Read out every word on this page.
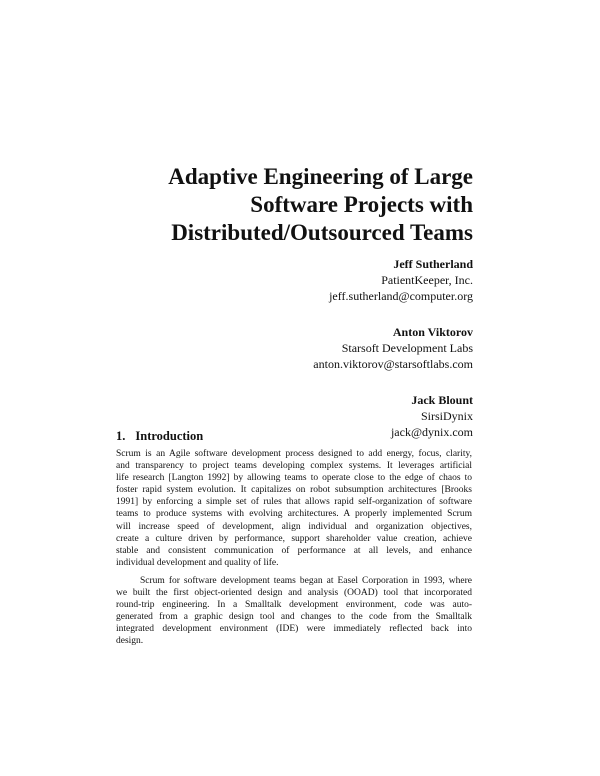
Adaptive Engineering of Large
Software Projects with
Distributed/Outsourced Teams
Jeff Sutherland
PatientKeeper, Inc.
jeff.sutherland@computer.org
Anton Viktorov
Starsoft Development Labs
anton.viktorov@starsoftlabs.com
Jack Blount
SirsiDynix
jack@dynix.com
1. Introduction
Scrum is an Agile software development process designed to add energy, focus, clarity,
and transparency to project teams developing complex systems. It leverages artificial
life research [Langton 1992] by allowing teams to operate close to the edge of chaos to
foster rapid system evolution. It capitalizes on robot subsumption architectures [Brooks
1991] by enforcing a simple set of rules that allows rapid self-organization of software
teams to produce systems with evolving architectures. A properly implemented Scrum
will increase speed of development, align individual and organization objectives,
create a culture driven by performance, support shareholder value creation, achieve
stable and consistent communication of performance at all levels, and enhance
individual development and quality of life.
Scrum for software development teams began at Easel Corporation in 1993, where
we built the first object-oriented design and analysis (OOAD) tool that incorporated
round-trip engineering. In a Smalltalk development environment, code was auto-
generated from a graphic design tool and changes to the code from the Smalltalk
integrated development environment (IDE) were immediately reflected back into
design.
